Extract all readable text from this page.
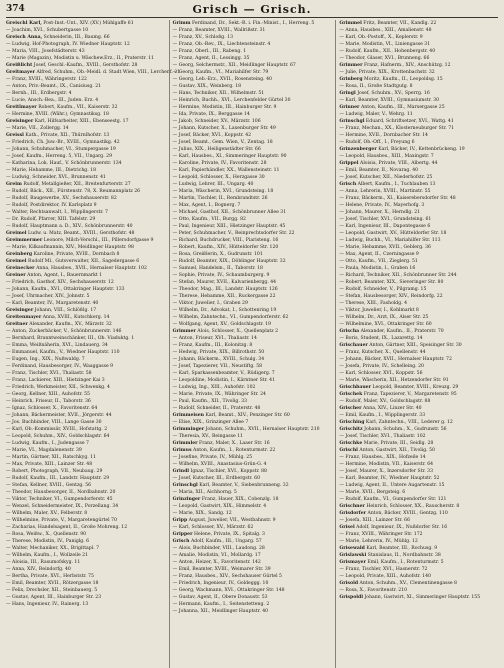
374	Grisch — Grisch.

Greischl Karl, Post-Inst.-Unt., XIV. (XV.) Mühlgaffe 61

— Joachim, XVI., Schubertgasse 10

Greisch Anna, Schneiderin, III., Baumg. 66

— Ludwig, Hof-Photograph, IV. Wiedner Hauptstr. 12

— Maria, VIII., Josefstädterstr. 43

— Marie (Magazin), Modistin u. Wäschew.Erz., II., Praterstr. 11

Greißlicht Josef, Geschl.-Kaufm., XVIII., Gersthofstr. 28

Greitmayer Alfred, Schuhm., Ob.-Meidl. d. Stadt Wien, VIII., Lerchenf. 21

— Franz, XVIII., Währingerstr. 122

— Anton, Priv.-Beamt., IX., Canisiusg. 21

— Bernh., III., Erdbergstr. 4

— Lucie, Ansch.-Bea., III., Juden. Erz. 4

Greitlmayer Robert, Kaufm., VII., Kaiserstr. 32

— Hermine, XVIII. (Währ.), Gymnastiksg. 18

Greisinger Karl, Hilfsarbeiter, XIII., Ebenseestg. 17

— Marie, VII., Zollergg. 14

Greissl Kath., Private, XII., Thürnlhofstr. 13

— Friedrich, Ch. Juw.-Br., XVIII., Gymnastikg. 42

— Johann, Schuhmacher, VI., Stumpergasse 19

— Josef, Kaufm., Herreng. 5, VII., Ungarg. 29

— Katharina, Lok. Hauf., V. Schönbrunnerstr. 134

— Marie, Hebamme, III., Dietrichg. 18

— Ludwig, Schneider, XVI., Brunnenstr. 41

Greim Rudolf, Metallgießer, XII., Breitenfurterstr. 27

— Rudolf, Bäck., XII., Fürstenstr. 78, X. Reumannplatz 26

— Rudolf, Baugewerbe, XV., Sechshauserstr. 82

— Rudolf, Postdirektor, IV. Karlsplatz 9

— Walter, Rechtsanwalt, I., Wipplingerstr. 7

— Dr. Rudolf, Pfarrer, XIII. Tafelstr. 29

— Rudolf, Hauptmann a. D., XIV., Schönbrunnerstr. 40

Greimel Ludw. u. Matz, Beamt., XVIII., Gersthofstr. 48

Greimmermer Leonore, Milch-Verschl., III., Pillersdorfgasse 9

— Marie, Kilkaufmannin, XIV., Meidlinger Hauptstr. 98

Greinberg Karoline, Private, XVIII., Dornbach 8

Greimel Rudolf Ml., Gutsverwalter, XII., Sagedergasse 6

Greinecker Anna, Hausbes., XVII., Hernalser Hauptstr. 102

Greiner Anton, Agent, I., Bauernmarkt 1

— Friedrich, Gasthof, XIV., Sechshauserstr. 12

— Johann, Kaufm., XVI., Ottakringer Hauptstr. 133

— Josef, Uhrmacher, XIV., Johnstr. 5

— Karl, Beamter, IV., Margaretenstr. 40

Greisinger Johann, VIII., Schlößlg. 17

Greitenmayer Anna, XVIII., Kutschkerg. 14

Greitner Alexander, Kaufm., XV., Märzstr. 32

— Anton, Zuckerbäcker, V., Schönbrunnerstr. 146

— Bernhard, Branntweinschänker, III., Ob. Viaduktg. 1

— Emma, Weißnäherin, XVI., Lindauerg. 34

— Emmanuel, Kaufm., V., Wiedner Hauptstr. 110

— Eugen, Ing., XIX., Nußwaldg. 7

— Ferdinand, Hausbesorger, IV., Waaggasse 9

— Franz, Tischler, XVI., Thaliastr. 58

— Franz, Lackierer, XIII., Hietzinger Kai 3

— Friedrich, Werkmeister, XII., Schwenkg. 4

— Georg, Kellner, XIII., Auhofstr. 55

— Heinrich, Friseur, II., Taborstr. 36

— Ignaz, Schlosser, X., Favoritenstr. 64

— Johann, Bäckermeister, XVII., Jörgerstr. 44

— Jos. Buchbinder, VIII., Lange Gasse 30

— Karl, Ob.-Kommissär, XVIII., Hofstattg. 2

— Leopold, Schuhm., XIV., Goldschlagstr. 64

— Ludwig, Kaufm., I., Judengasse 7

— Marie, VI., Magdalenenstr. 39

— Martin, Gärtner, XII., Ratschkyg. 11

— Max, Private, XIII., Lainzer Str. 48

— Robert, Photograph, VII., Neubaug. 29

— Rudolf, Kaufm., III., Landstr. Hauptstr. 29

— Stefan, Kellner, XVIII., Gentzg. 56

— Theodor, Hausbesorger, II., Nordbahnstr. 20

— Viktor, Techniker, VI., Gumpendorferstr. 45

— Wenzel, Schneidermeister, IX., Porzellang. 34

— Wilhelm, Maler, XV., Felberstr. 8

— Wilhelmine, Private, V., Margaretengürtel 70

— Zacharias, Handelsagent, II., Große Mohreng. 12

— Rosa, Weißw., X., Quellenstr. 90

— Therese, Modistin, IV., Paniglg. 6

— Walter, Mechaniker, XX., Brigittapl. 7

— Wilhelm, Kaufm., I., Wollzeile 21

— Aloisia, III., Rasumofskyg. 11

— Anna, XIV., Reindorfg. 40

— Bertha, Private, XVI., Herbststr. 75

— Emil, Beamter, XVII., Rötzergasse 18

— Felix, Drechsler, XII., Steinbauerg. 5

— Gustav, Agent, III., Hainburger Str. 23

— Hans, Ingenieur, IV., Rainerg. 13

Grimm Ferdinand, Dr., Sekt.-R. i. Fin.-Minist., I., Herreng. 5

— Franz, Beamter, XVIII., Wallrißstr. 31

— Franz, XV., Schloßg. 13

— Franz, Ob.-Rev., IX., Liechtensteinstr. 4

— Franz, Oberl., III., Rabeng. 1

— Franz, Agent, II., Lessingg. 35

— Georg, Selchermstr., XII., Meidlinger Hauptstr. 67

— Georg, Kaufm., VI., Mariahilfer Str. 79

— Georg, Leb.-Erz., XVII., Rosensteing. 40

— Gustav, XIX., Weinberg. 18

— Hans, Techniker, XII., Wilhelmstr. 51

— Heinrich, Buchh., XVI., Lerchenfelder Gürtel 30

— Hermine, Modistin, III., Hainburger Str. 9

— Ida, Private, IX., Berggasse 14

— Jakob, Schneider, XV., Märzstr. 106

— Johann, Kutscher, X., Laxenburger Str. 49

— Josef, Bäcker, XVI., Koppstr. 42

— Josef, Beamt., Gem. Wien, V., Zentag. 18

— Julius, XIX., Heiligenstädter Str. 66

— Karl, Hausbes., XI., Simmeringer Hauptstr. 90

— Karoline, Private, IV., Favoritenstr. 28

— Karl, Papierhändler, XX., Wallensteinstr. 11

— Leopold, Schlosser, X., Herzgasse 30

— Ludwig, Lehrer, III., Ungarg. 40

— Maria, Wäscherin, XVI., Grundsteing. 18

— Martin, Tischler, II., Rembrandtstr. 26

— Max, Agent, I., Bognerg. 7

— Michael, Gasthof, XII., Schönbrunner Allee 31

— Otto, Kaufm., VII., Burgg. 82

— Paul, Ingenieur, XIII., Hietzinger Hauptstr. 45

— Peter, Schuhmacher, V., Reinprechtsdorfer Str. 22

— Richard, Buchdrucker, VIII., Piaristeng. 16

— Robert, Kaufm., XIV., Hütteldorfer Str. 120

— Rosa, Greißlerin, X., Gudrunstr. 101

— Rudolf, Beamter, XIX., Döblinger Hauptstr. 32

— Samuel, Handelsm., II., Taborstr. 18

— Sophie, Private, IV., Schaumburgerg. 9

— Stefan, Maurer, XVII., Kalvarienbergg. 44

— Theodor, Mag., III., Landstr. Hauptstr. 126

— Therese, Hebamme, XII., Ruckergasse 22

— Viktor, Juwelier, I., Graben 29

— Wilhelm, Dr., Advokat, I., Schottenring 19

— Wilhelm, Zahntechn., VI., Gumpendorferstr. 62

— Wolfgang, Agent, XV., Goldschlagstr. 19

Grimmer Alois, Schlosser, X., Quellenplatz 2

— Anton, Friseur, XVI., Thaliastr. 14

— Franz, Kaufm., III., Kolonitzg. 8

— Hedwig, Private, XIX., Billrothstr. 50

— Johann, Bäckerm., XVIII., Schulg. 34

— Josef, Tapezierer, VII., Neustiftg. 58

— Karl, Sparkassenbeamter, V., Rüdigerg. 7

— Leopoldine, Modistin, I., Kärntner Str. 41

— Ludwig, Ing., XIII., Auhofstr. 102

— Marie, Private, IX., Währinger Str. 24

— Paul, Kaufm., XII., Tivolig. 33

— Rudolf, Schneider, II., Praterstr. 48

Grimmeisen Karl, Beamt., XIV., Penzinger Str. 60

— Elise, XIX., Grinzinger Allee 7

Grimminger Johann, Schuhm., XVII., Hernalser Hauptstr. 210

— Theresia, XV., Beingasse 11

Grimmler Franz, Maler, X., Laaer Str. 16

Grimus Anton, Kaufm., I., Rotenturmstr. 22

— Josefine, Private, IV., Mühlg. 25

— Wilhelm, XVIII., Anastasius-Grün-G. 4

Grindl Ignaz, Tischler, XVI., Koppstr. 88

— Josef, Kutscher, III., Erdbergstr. 60

Grinschgl Karl, Beamter, V., Siebenbrunneng. 32

— Maria, XII., Aichhorng. 5

Grinzinger Franz, Hauer, XIX., Cobenzlg. 18

— Leopold, Gastwirt, XIX., Himmelstr. 4

— Marie, XIX., Sandg. 12

Gripp August, Juwelier, VII., Westbahnstr. 9

— Karl, Schlosser, XV., Märzstr. 62

Gripper Helene, Private, IX., Spitalg. 3

Grisch Adolf, Kaufm., III., Ungarg. 57

— Alois, Buchbinder, VIII., Laudong. 28

— Amalie, Modistin, VI., Mollardg. 17

— Anton, Heizer, X., Favoritenstr. 142

— Emil, Beamter, XVIII., Weimarer Str. 39

— Franz, Hausbes., XIV., Sechshauser Gürtel 5

— Friedrich, Ingenieur, IV., Goldeggg. 10

— Georg, Wachmann, XVI., Ottakringer Str. 148

— Gustav, Agent, II., Obere Donaustr. 53

— Hermann, Kaufm., I., Seitenstetteng. 2

— Johanna, XII., Meidlinger Hauptstr. 40

Grimmel Fritz, Beamter, VII., Kandlg. 22

— Anna, Hausbes., XIII., Amalienstr. 48

— Karl, Ob.-Postoff., X., Keplerstr. 9

— Marie, Modistin, VI., Liniengasse 31

— Rudolf, Kaufm., XII., Hohenbergstr. 40

— Theodor, Glaser, XVI., Brunneng. 66

Grimmer Franz, Hafnerm., XIV., Anschützg. 12

— Julie, Private, XIX., Krottenbachstr. 32

Grinberg Moritz, Kaufm., II., Leopoldsg. 15

— Rosa, II., Große Stadtgutg. 8

Gringl Josef, Schuhm., XV., Sperrg. 16

— Karl, Beamter, XVIII., Gymnasiumstr. 30

Grinner Anton, Kaufm., III., Marxergasse 25

— Ludwig, Maler, V., Wehrg. 11

Grinschgl Eduard, Schriftsetzer, XVI., Wattg. 41

— Franz, Mechan., XX., Klosterneuburger Str. 71

— Hermine, XVII., Dornbacher Str. 14

— Rudolf, Ob.-Off., I., Freyung 6

Grinzenberger Karl, Bäcker, IV., Kettenbrückeng. 19

— Leopold, Hausbes., XIII., Maxingstr. 7

Grippel Aloisia, Private, VIII., Albertg. 44

— Emil, Beamter, II., Novarag. 40

— Josef, Kutscher, XII., Niederhofstr. 25

Grisch Albert, Kaufm., I., Tuchlauben 13

— Anna, Lehrerin, XVIII., Martinstr. 55

— Franz, Bäckerm., XI., Kaiserebersdorfer Str. 48

— Helene, Private, IV., Mayerhofg. 3

— Johann, Maurer, X., Herndlg. 21

— Josef, Tischler, XVI., Grundsteing. 61

— Karl, Ingenieur, III., Dapontegasse 6

— Leopold, Gastwirt, XV., Hütteldorfer Str. 18

— Ludwig, Buchh., VI., Mariahilfer Str. 113

— Marie, Hebamme, XVII., Geblerg. 36

— Max, Agent, II., Czerningasse 9

— Otto, Kaufm., VII., Zieglerg. 51

— Paula, Modistin, I., Graben 16

— Richard, Techniker, XII., Schönbrunner Str. 244

— Robert, Beamter, XIX., Sieveringer Str. 80

— Rudolf, Schneider, V., Pilgramg. 15

— Stefan, Hausbesorger, XIV., Reindorfg. 22

— Therese, XIII., Fasholdg. 4

— Viktor, Juwelier, I., Kohlmarkt 8

— Wilhelm, Dr., Arzt, IX., Alser Str. 25

— Wilhelmine, XVI., Ottakringer Str. 60

Grischa Alexander, Kaufm., II., Praterstr. 70

— Boris, Student, IX., Lazarettg. 14

Grischauer Anton, Gärtner, XIII., Speisinger Str. 30

— Franz, Kutscher, X., Quellenstr. 44

— Johann, Bäcker, XVII., Hernalser Hauptstr. 72

— Josefa, Private, IV., Schelleing. 20

— Karl, Schlosser, XVI., Koppstr. 56

— Marie, Wäscherin, XII., Hetzendorfer Str. 91

Grischbauer Leopold, Beamter, XVIII., Kreuzg. 29

Grischek Franz, Tapezierer, V., Margaretenstr. 95

— Rudolf, Maler, XV., Goldschlagstr. 88

Grischer Anna, XIV., Linzer Str. 40

— Emil, Kaufm., I., Wipplingerstr. 33

Grisching Karl, Zahntechn., VIII., Lederer g. 12

Grischitz Johann, Schuhm., X., Gudrunstr. 56

— Josef, Tischler, XVI., Thaliastr. 102

Grischke Marie, Private, III., Seidlg. 28

Grischl Anton, Gastwirt, XII., Tivolig. 50

— Franz, Hausbes., XIX., Hofzeile 14

— Hermine, Modistin, VII., Kaiserstr. 64

— Josef, Maurer, X., Inzersdorfer Str. 33

— Karl, Beamter, IV., Wiedner Hauptstr. 52

— Ludwig, Agent, II., Untere Augartenstr. 15

— Marie, XVII., Bergsteig. 6

— Rudolf, Kaufm., VI., Gumpendorfer Str. 121

Grischner Heinrich, Schlosser, XX., Rauscherstr. 8

Grisdorfer Anton, Bäcker, XVIII., Gentzg. 110

— Josefa, XIII., Lainzer Str. 66

Grisel Adolf, Ingenieur, IX., Nußdorfer Str. 16

— Franz, XVIII., Währinger Str. 172

— Marie, Lehrerin, IV., Mühlg. 12

Grisewald Karl, Beamter, III., Rochusg. 9

Grislawski Stanislaus, II., Nordbahnstr. 38

Grismayer Emil, Kaufm., I., Rotenturmstr. 5

— Franz, Tischler, XVI., Hasnerstr. 72

— Leopold, Private, XIII., Auhofstr. 140

Grisold Anton, Schuhm., XV., Clementinengasse 8

— Rosa, X., Favoritenstr. 210

Grispoldl Johann, Gastwirt, XI., Simmeringer Hauptstr. 155
